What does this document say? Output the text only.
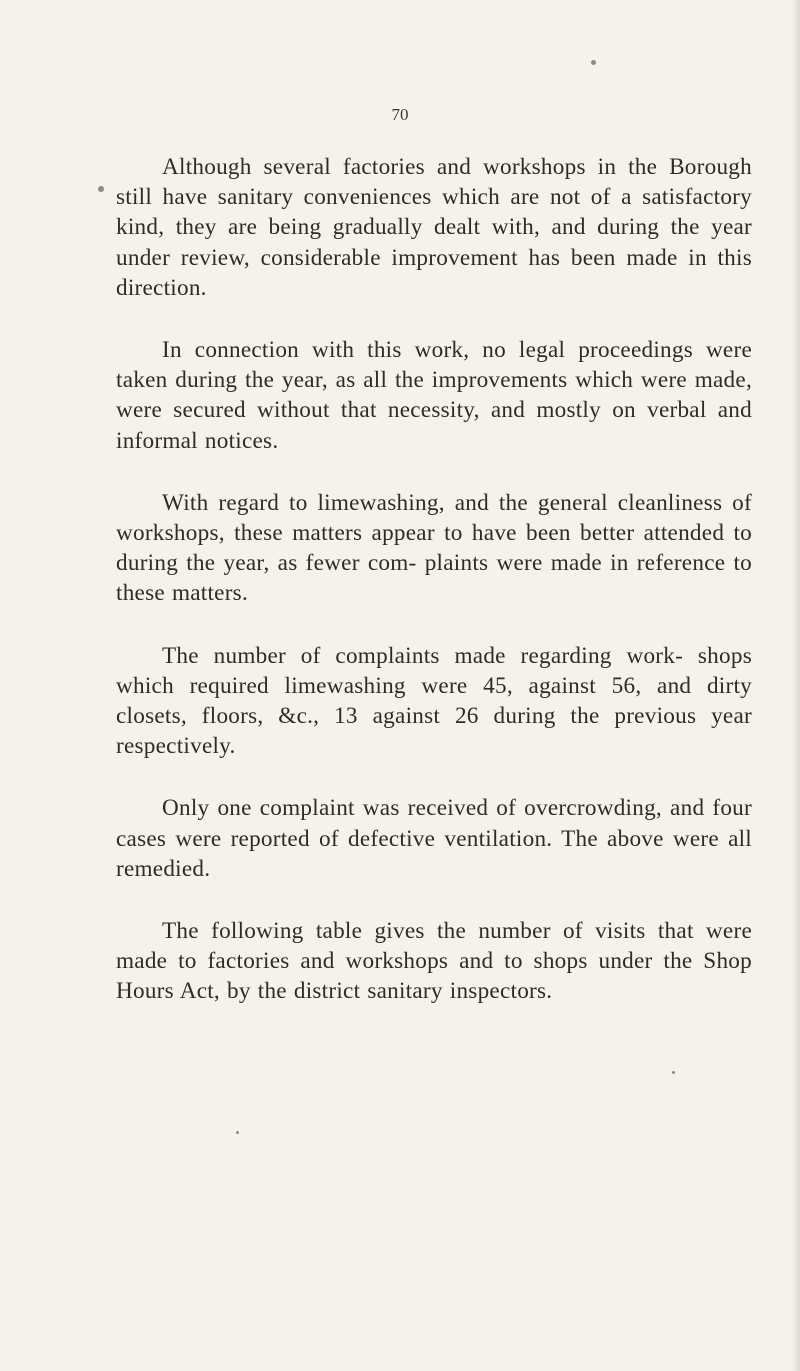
70

Although several factories and workshops in the Borough still have sanitary conveniences which are not of a satisfactory kind, they are being gradually dealt with, and during the year under review, considerable improvement has been made in this direction.

In connection with this work, no legal proceedings were taken during the year, as all the improvements which were made, were secured without that necessity, and mostly on verbal and informal notices.

With regard to limewashing, and the general cleanliness of workshops, these matters appear to have been better attended to during the year, as fewer com- plaints were made in reference to these matters.

The number of complaints made regarding work- shops which required limewashing were 45, against 56, and dirty closets, floors, &c., 13 against 26 during the previous year respectively.

Only one complaint was received of overcrowding, and four cases were reported of defective ventilation. The above were all remedied.

The following table gives the number of visits that were made to factories and workshops and to shops under the Shop Hours Act, by the district sanitary inspectors.
